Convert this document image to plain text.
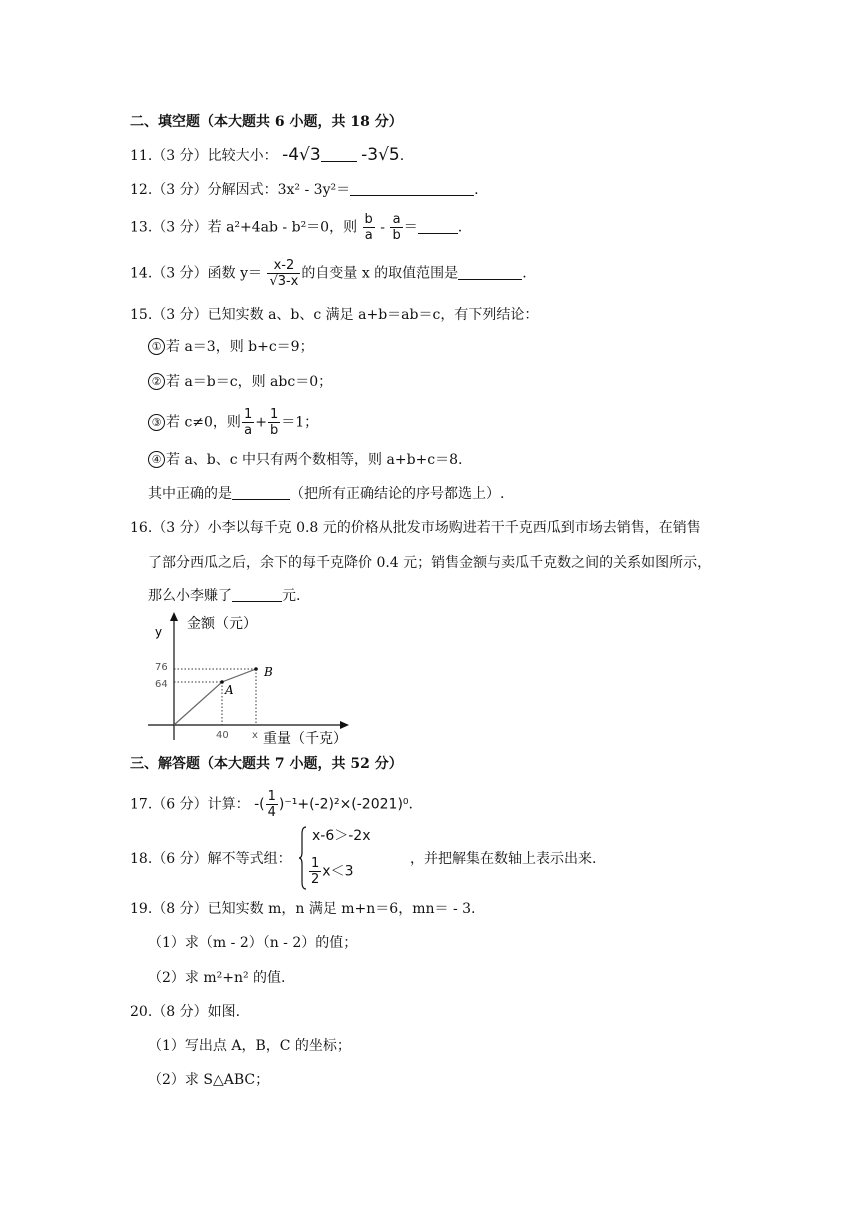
二、填空题（本大题共 6 小题，共 18 分）
11.（3 分）比较大小： -4√3 -3√5.
12.（3 分）分解因式：3x² - 3y²＝	.
13.（3 分）若 a²+4ab - b²＝0，则 $\frac{b}{a} - \frac{a}{b}$ ＝	.
14.（3 分）函数 $y= \frac{x-2}{√3-x}$ 的自变量 x 的取值范围是	.
15.（3 分）已知实数 a、b、c 满足 a+b＝ab＝c，有下列结论：
① 若 a＝3，则 b+c＝9；
② 若 a＝b＝c，则 abc＝0；
③ 若 c≠0，则 $\frac{1}{a} + \frac{1}{b} =1$；
④ 若 a、b、c 中只有两个数相等，则 a+b+c＝8.
其中正确的是	（把所有正确结论的序号都选上）.
16.（3 分）小李以每千克 0.8 元的价格从批发市场购进若干千克西瓜到市场去销售，在销售
了部分西瓜之后，余下的每千克降价 0.4 元；销售金额与卖瓜千克数之间的关系如图所示，
那么小李赚了	元.
y 金额（元）
76
64	A
B
40 x 重量（千克）
三、解答题（本大题共 7 小题，共 52 分）
17.（6 分）计算： -( $\frac{1}{4} )^{-1}+(-2)^2\times(-2021)^0$.
18.（6 分）解不等式组：
x-6＞-2x
$\frac{1}{2} x<3$
，并把解集在数轴上表示出来.
19.（8 分）已知实数 m，n 满足 m+n＝6，mn＝ - 3.
（1）求（m - 2）（n - 2）的值；
（2）求 m²+n² 的值.
20.（8 分）如图.
（1）写出点 A，B，C 的坐标；
（2）求 S△ABC；
